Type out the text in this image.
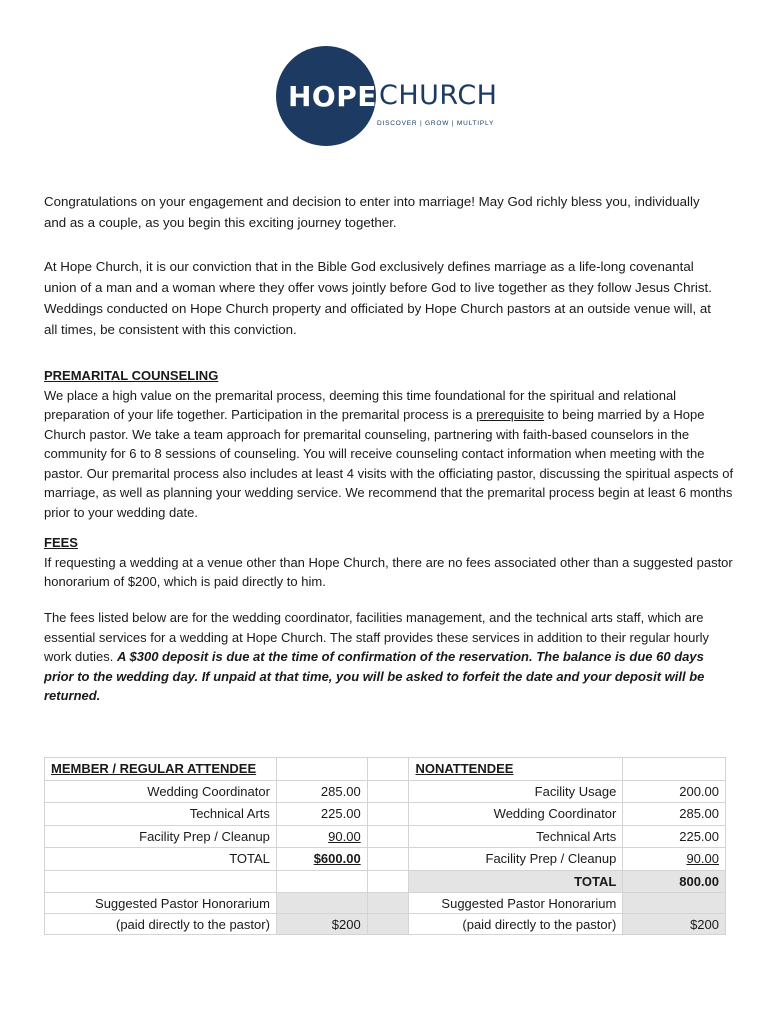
HOPE CHURCH
DISCOVER | GROW | MULTIPLY

Congratulations on your engagement and decision to enter into marriage! May God richly bless you, individually and as a couple, as you begin this exciting journey together.

At Hope Church, it is our conviction that in the Bible God exclusively defines marriage as a life-long covenantal union of a man and a woman where they offer vows jointly before God to live together as they follow Jesus Christ. Weddings conducted on Hope Church property and officiated by Hope Church pastors at an outside venue will, at all times, be consistent with this conviction.

PREMARITAL COUNSELING

We place a high value on the premarital process, deeming this time foundational for the spiritual and relational preparation of your life together. Participation in the premarital process is a prerequisite to being married by a Hope Church pastor. We take a team approach for premarital counseling, partnering with faith-based counselors in the community for 6 to 8 sessions of counseling. You will receive counseling contact information when meeting with the pastor. Our premarital process also includes at least 4 visits with the officiating pastor, discussing the spiritual aspects of marriage, as well as planning your wedding service. We recommend that the premarital process begin at least 6 months prior to your wedding date.

FEES

If requesting a wedding at a venue other than Hope Church, there are no fees associated other than a suggested pastor honorarium of $200, which is paid directly to him.

The fees listed below are for the wedding coordinator, facilities management, and the technical arts staff, which are essential services for a wedding at Hope Church. The staff provides these services in addition to their regular hourly work duties. A $300 deposit is due at the time of confirmation of the reservation. The balance is due 60 days prior to the wedding day. If unpaid at that time, you will be asked to forfeit the date and your deposit will be returned.
MEMBER / REGULAR ATTENDEE			NONATTENDEE	
Wedding Coordinator	285.00		Facility Usage	200.00
Technical Arts	225.00		Wedding Coordinator	285.00
Facility Prep / Cleanup	90.00		Technical Arts	225.00
TOTAL	$600.00		Facility Prep / Cleanup	90.00
			TOTAL	800.00
Suggested Pastor Honorarium			Suggested Pastor Honorarium	
(paid directly to the pastor)	$200		(paid directly to the pastor)	$200
